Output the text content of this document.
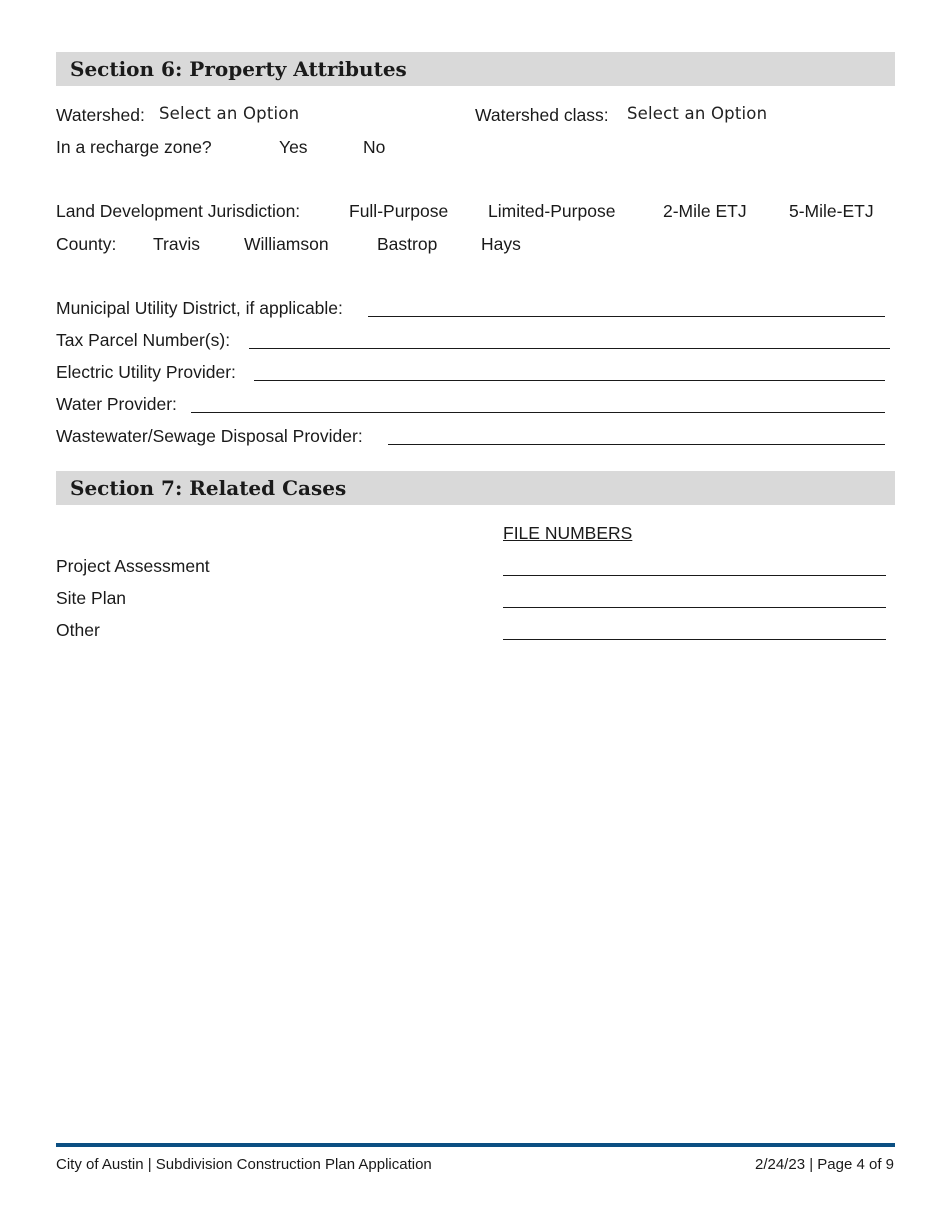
Section 6: Property Attributes
Watershed: Select an Option	Watershed class: Select an Option
In a recharge zone?	Yes	No
Land Development Jurisdiction:	Full-Purpose Limited-Purpose	2-Mile ETJ 5-Mile-ETJ
County: Travis	Williamson	Bastrop Hays
Municipal Utility District, if applicable:
Tax Parcel Number(s):
Electric Utility Provider:
Water Provider:
Wastewater/Sewage Disposal Provider:
Section 7: Related Cases
FILE NUMBERS
Project Assessment
Site Plan
Other
City of Austin | Subdivision Construction Plan Application	2/24/23 | Page 4 of 9
